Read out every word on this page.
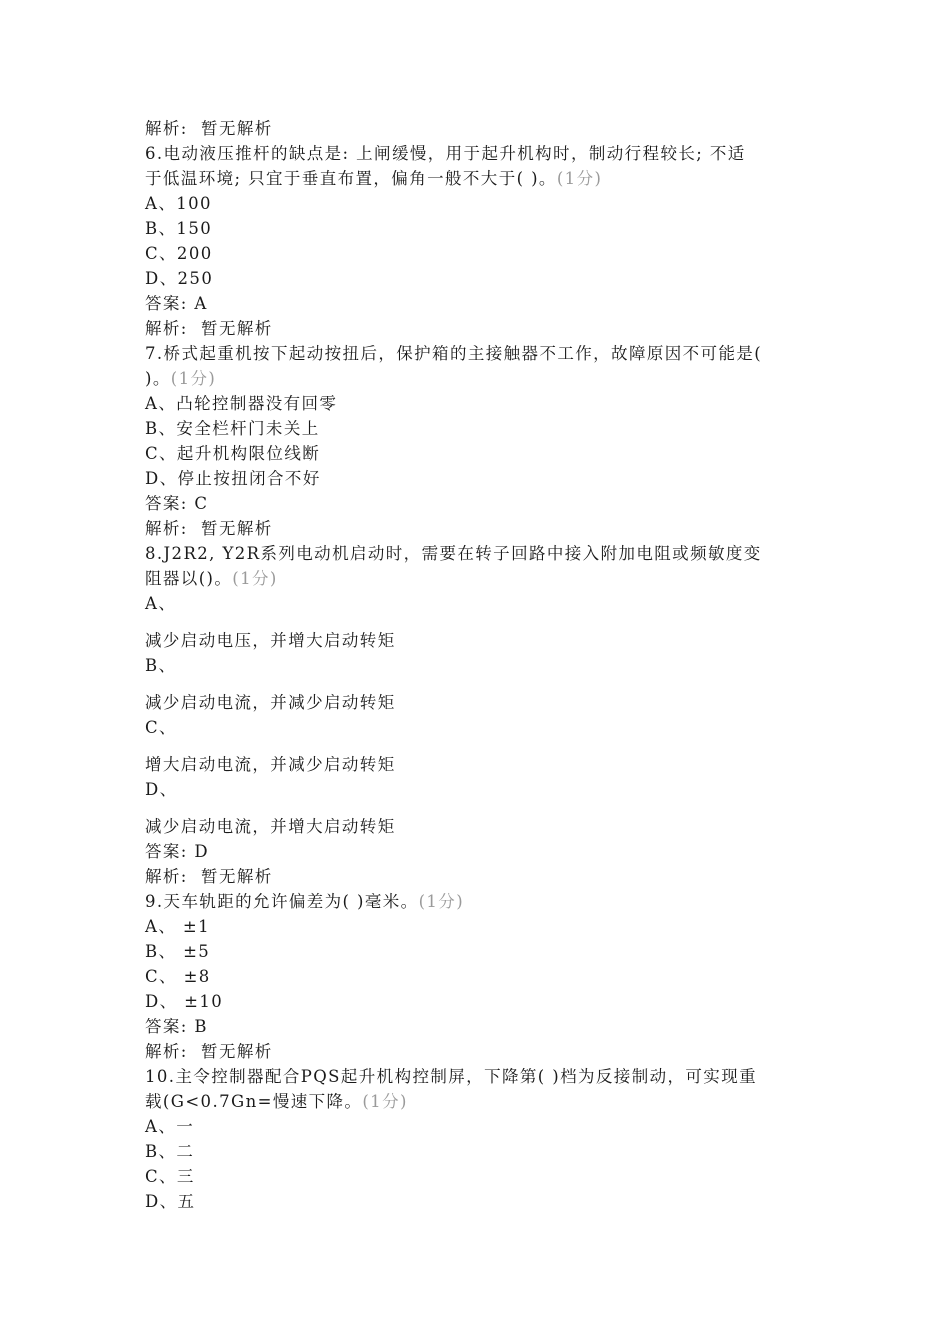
解析:  暂无解析
6.电动液压推杆的缺点是: 上闸缓慢，用于起升机构时，制动行程较长; 不适
于低温环境; 只宜于垂直布置，偏角一般不大于( )。(1分)
A、100
B、150
C、200
D、250
答案: A
解析:  暂无解析
7.桥式起重机按下起动按扭后，保护箱的主接触器不工作，故障原因不可能是(
)。(1分)
A、凸轮控制器没有回零
B、安全栏杆门未关上
C、起升机构限位线断
D、停止按扭闭合不好
答案: C
解析:  暂无解析
8.J2R2, Y2R系列电动机启动时，需要在转子回路中接入附加电阻或频敏度变
阻器以()。(1分)
A、
减少启动电压，并增大启动转矩
B、
减少启动电流，并减少启动转矩
C、
增大启动电流，并减少启动转矩
D、
减少启动电流，并增大启动转矩
答案: D
解析:  暂无解析
9.天车轨距的允许偏差为( )毫米。(1分)
A、 ±1
B、 ±5
C、 ±8
D、 ±10
答案: B
解析:  暂无解析
10.主令控制器配合PQS起升机构控制屏，下降第( )档为反接制动，可实现重
载(G<0.7Gn=慢速下降。(1分)
A、一
B、二
C、三
D、五
